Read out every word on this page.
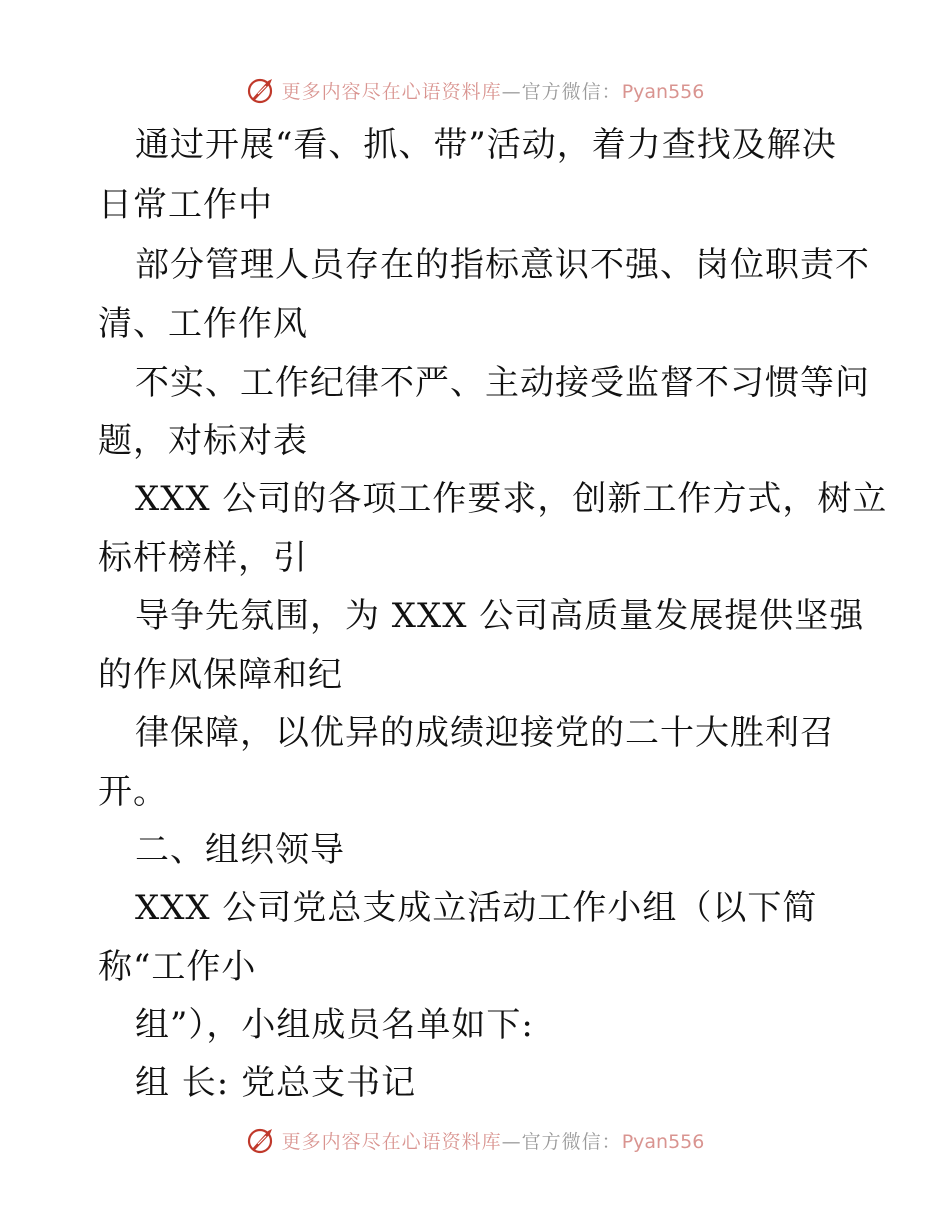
更多内容尽在心语资料库—官方微信：Pyan556
通过开展“看、抓、带”活动，着力查找及解决
日常工作中
部分管理人员存在的指标意识不强、岗位职责不
清、工作作风
不实、工作纪律不严、主动接受监督不习惯等问
题，对标对表
XXX 公司的各项工作要求，创新工作方式，树立
标杆榜样，引
导争先氛围，为 XXX 公司高质量发展提供坚强
的作风保障和纪
律保障，以优异的成绩迎接党的二十大胜利召
开。
二、组织领导
XXX 公司党总支成立活动工作小组（以下简
称“工作小
组”），小组成员名单如下:
组 长: 党总支书记
更多内容尽在心语资料库—官方微信：Pyan556
